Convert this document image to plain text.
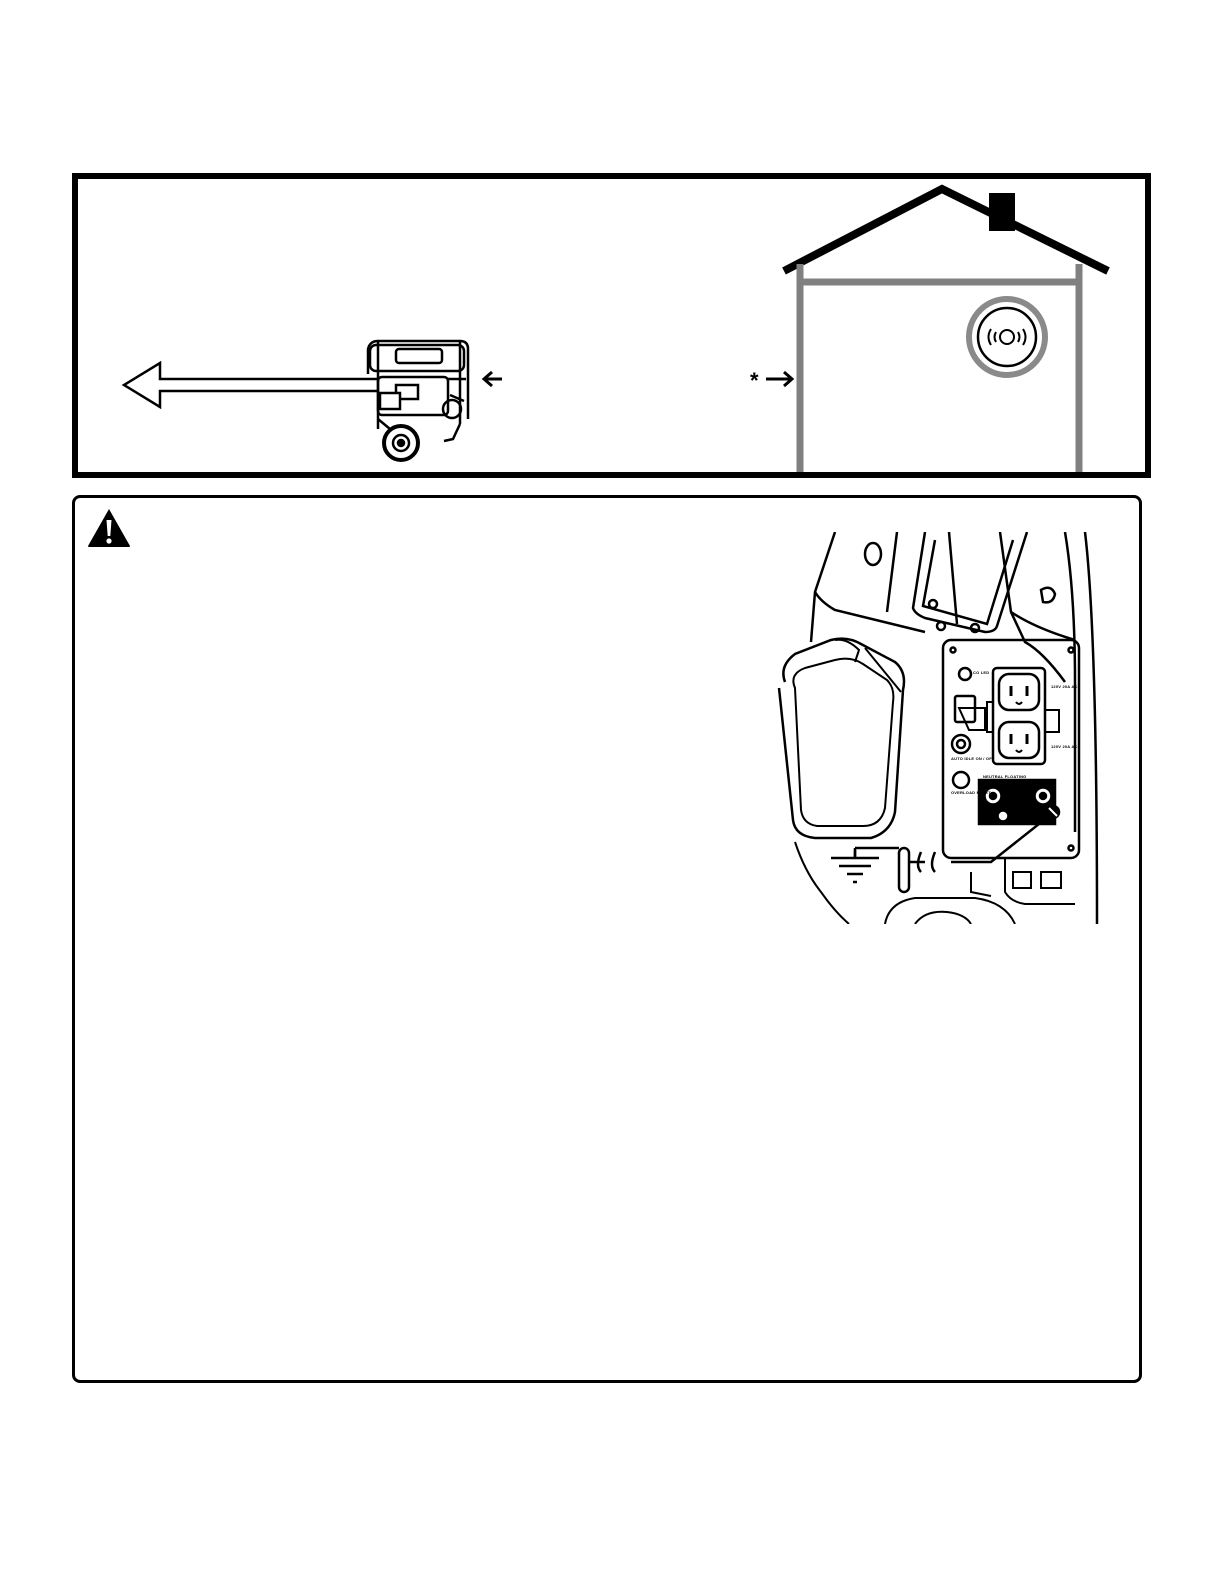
*
CO LED
120V 20A AC
120V 20A AC
AUTO IDLE ON / OFF
OVERLOAD RESET
NEUTRAL FLOATING
